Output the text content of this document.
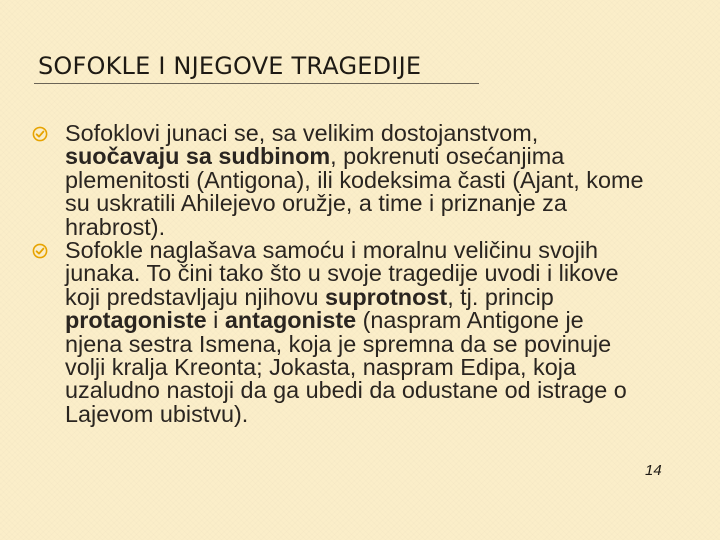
SOFOKLE I NJEGOVE TRAGEDIJE
Sofoklovi junaci se, sa velikim dostojanstvom, suočavaju sa sudbinom, pokrenuti osećanjima plemenitosti (Antigona), ili kodeksima časti (Ajant, kome su uskratili Ahilejevo oružje, a time i priznanje za hrabrost).
Sofokle naglašava samoću i moralnu veličinu svojih junaka. To čini tako što u svoje tragedije uvodi i likove koji predstavljaju njihovu suprotnost, tj. princip protagoniste i antagoniste (naspram Antigone je njena sestra Ismena, koja je spremna da se povinuje volji kralja Kreonta; Jokasta, naspram Edipa, koja uzaludno nastoji da ga ubedi da odustane od istrage o Lajevom ubistvu).
14
